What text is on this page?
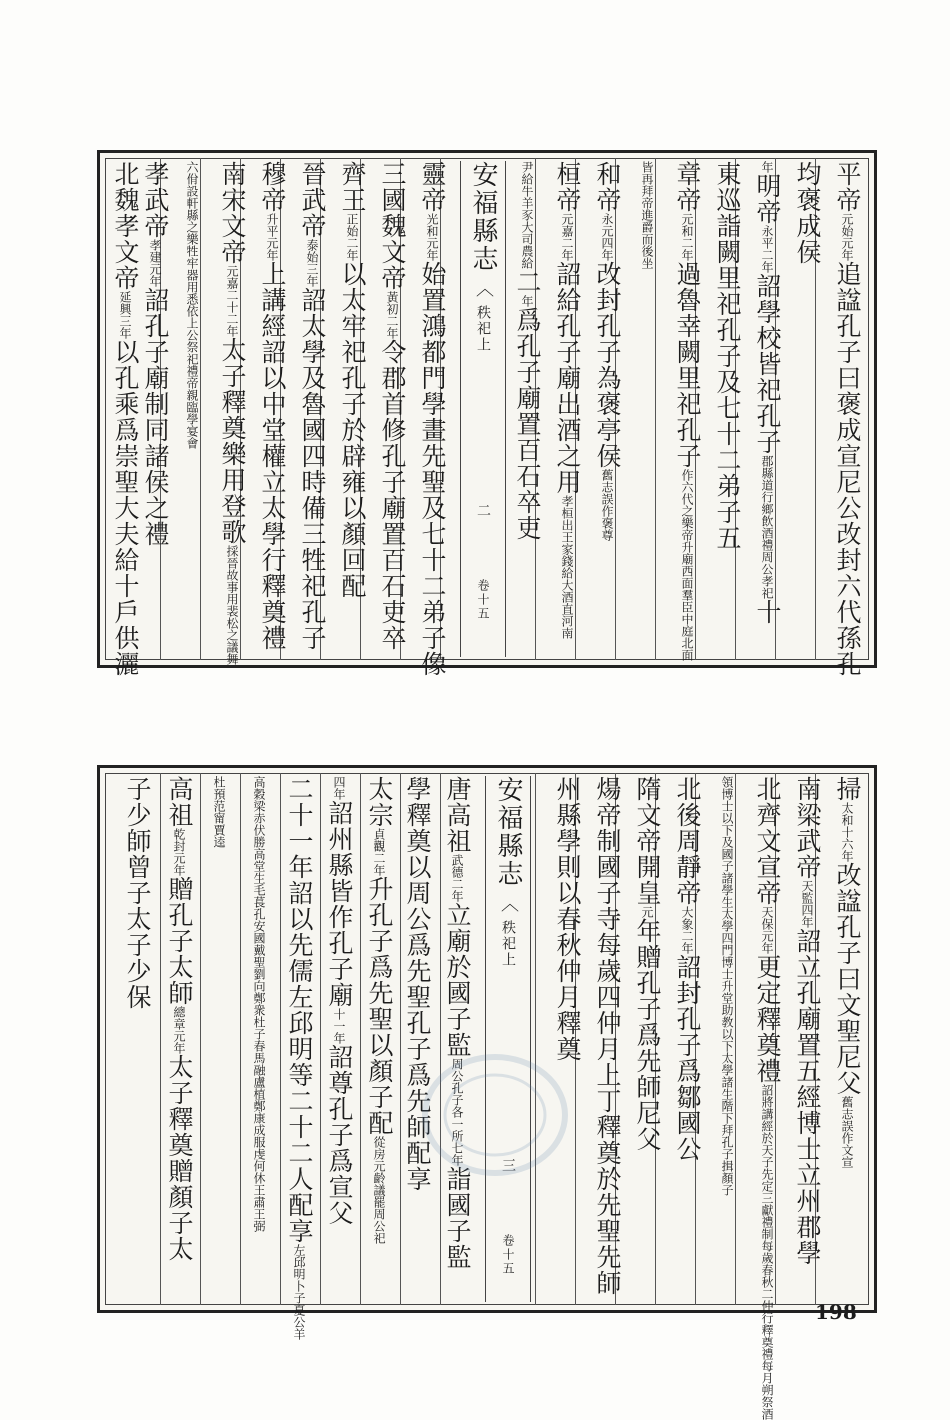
平帝元始元年追諡孔子曰褒成宣尼公改封六代孫孔
均褒成侯
年明帝永平二年詔學校皆祀孔子郡縣道行鄉飲酒禮周公孝祀十
東巡詣闕里祀孔子及七十二弟子五
章帝元和二年過魯幸闕里祀孔子作六代之樂帝升廟西面羣臣中庭北面
皆再拜帝進爵而後坐
和帝永元四年改封孔子為褒亭侯舊志誤作褒尊
桓帝元嘉二年詔給孔子廟出酒之用孝桓出王家錢給大酒直河南
尹給牛羊豕大司農給二年爲孔子廟置百石卒吏
安福縣志︿秩祀上二卷十五
靈帝光和元年始置鴻都門學畫先聖及七十二弟子像
三國魏文帝黃初二年令郡首修孔子廟置百石吏卒
齊王正始二年以太牢祀孔子於辟雍以顏回配
晉武帝泰始三年詔太學及魯國四時備三牲祀孔子
穆帝升平元年上講經詔以中堂權立太學行釋奠禮
南宋文帝元嘉二十二年太子釋奠樂用登歌採晉故事用裴松之議舞
六佾設軒縣之樂牲牢器用悉依上公祭祀禮帝親臨學宴會
孝武帝孝建元年詔孔子廟制同諸侯之禮
北魏孝文帝延興三年以孔乘爲崇聖大夫給十戶供灑
掃太和十六年改諡孔子曰文聖尼父舊志誤作文宣
南梁武帝天監四年詔立孔廟置五經博士立州郡學
北齊文宣帝天保元年更定釋奠禮詔將講經於天子先定三獻禮制每歲春秋二仲行釋奠禮每月朔祭酒
領博士以下及國子諸學生太學四門博士升堂助教以下太學諸生階下拜孔子揖顏子
北後周靜帝大象二年詔封孔子爲鄒國公
隋文帝開皇元年贈孔子爲先師尼父
煬帝制國子寺每歲四仲月上丁釋奠於先聖先師
州縣學則以春秋仲月釋奠
安福縣志︿秩祀上三卷十五
唐高祖武德二年立廟於國子監周公孔子各一所七年詣國子監
學釋奠以周公爲先聖孔子爲先師配享
太宗貞觀二年升孔子爲先聖以顏子配從房元齡議罷周公祀
四年詔州縣皆作孔子廟十一年詔尊孔子爲宣父
二十一年詔以先儒左邱明等二十二人配享左邱明卜子夏公羊
高穀梁赤伏勝高堂生毛萇孔安國戴聖劉向鄭衆杜子春馬融盧植鄭康成服虔何休王肅王弼
杜預范甯賈逵
高祖乾封元年贈孔子太師總章元年太子釋奠贈顏子太
子少師曾子太子少保
198
